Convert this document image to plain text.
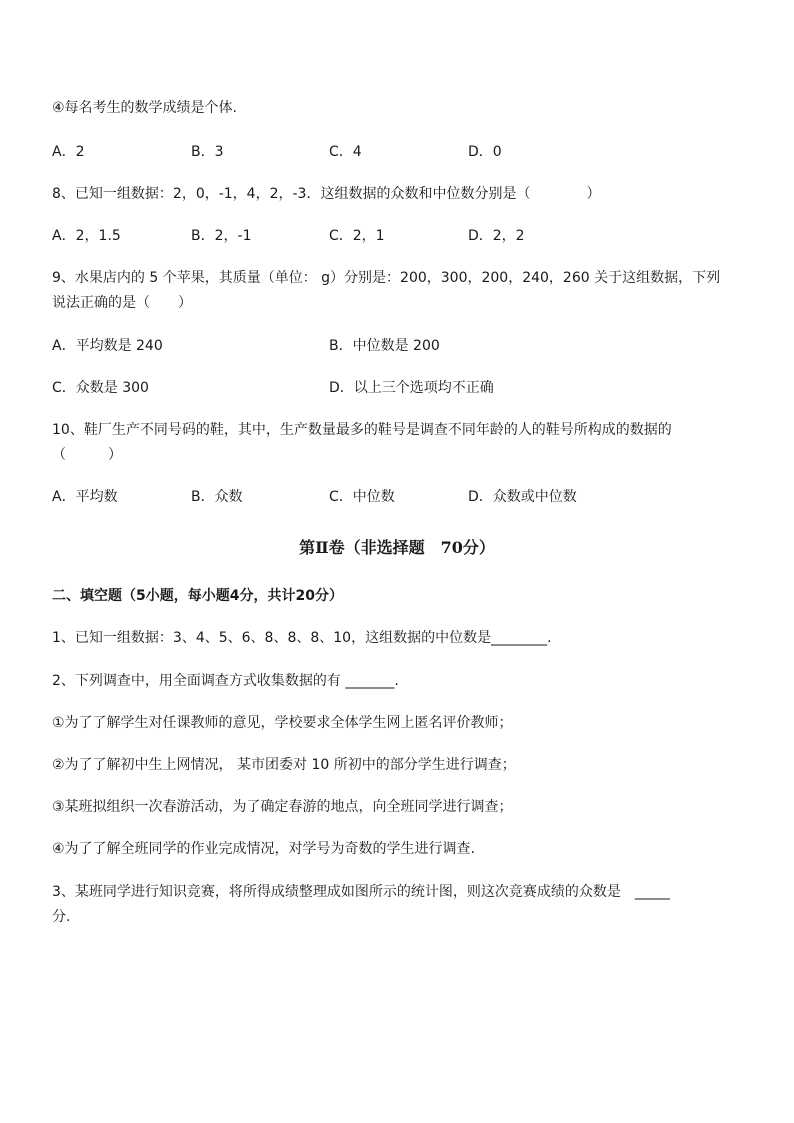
④每名考生的数学成绩是个体.
A．2	B．3	C．4	D．0
8、已知一组数据：2，0，-1，4，2，-3．这组数据的众数和中位数分别是（　　　　）
A．2，1.5	B．2，-1	C．2，1	D．2，2
9、水果店内的 5 个苹果，其质量（单位： g）分别是：200，300，200，240，260 关于这组数据，下列
说法正确的是（　　）
A．平均数是 240	B．中位数是 200
C．众数是 300	D．以上三个选项均不正确
10、鞋厂生产不同号码的鞋，其中，生产数量最多的鞋号是调查不同年龄的人的鞋号所构成的数据的
（　　　）
A．平均数	B．众数	C．中位数	D．众数或中位数
第Ⅱ卷（非选择题　70分）
二、填空题（5小题，每小题4分，共计20分）
1、已知一组数据：3、4、5、6、8、8、8、10，这组数据的中位数是________.
2、下列调查中，用全面调查方式收集数据的有 _______.
①为了了解学生对任课教师的意见，学校要求全体学生网上匿名评价教师；
②为了了解初中生上网情况， 某市团委对 10 所初中的部分学生进行调查；
③某班拟组织一次春游活动，为了确定春游的地点，向全班同学进行调查；
④为了了解全班同学的作业完成情况，对学号为奇数的学生进行调查.
3、某班同学进行知识竞赛，将所得成绩整理成如图所示的统计图，则这次竞赛成绩的众数是　_____
分.
